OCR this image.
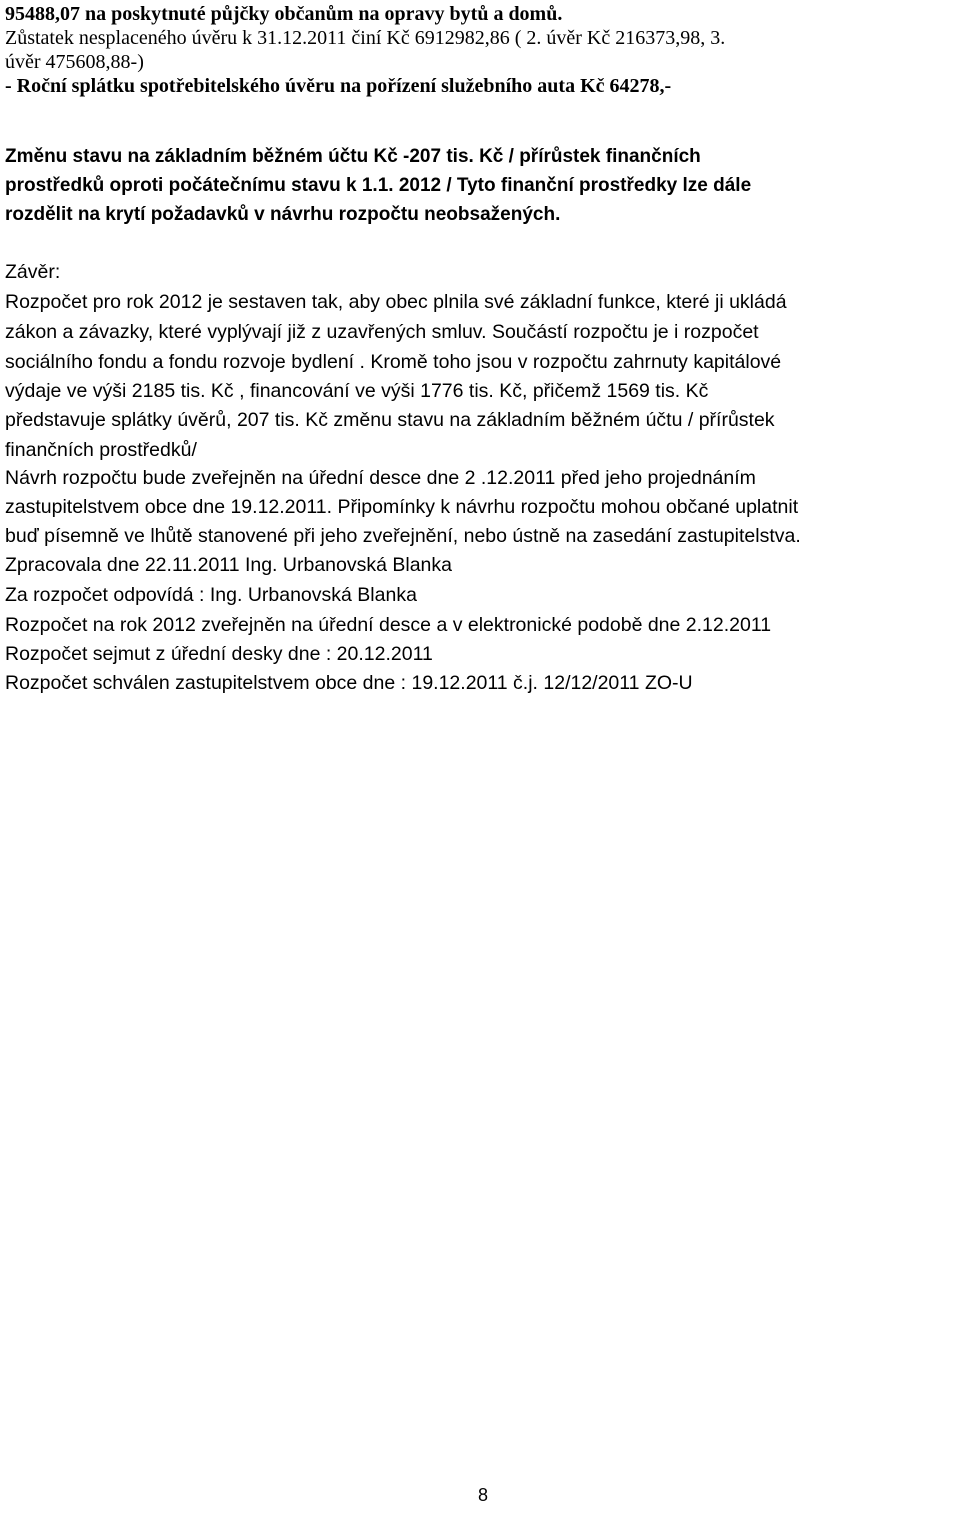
95488,07 na poskytnuté půjčky občanům na opravy bytů a domů.
Zůstatek nesplaceného úvěru k 31.12.2011 činí Kč 6912982,86 ( 2. úvěr Kč 216373,98, 3.
úvěr 475608,88-)
- Roční splátku spotřebitelského úvěru na pořízení služebního auta Kč 64278,-
Změnu stavu na základním běžném účtu Kč -207 tis. Kč / přírůstek finančních
prostředků oproti počátečnímu stavu k 1.1. 2012 / Tyto finanční prostředky lze dále
rozdělit na krytí požadavků v návrhu rozpočtu neobsažených.
Závěr:
Rozpočet pro rok 2012 je sestaven tak, aby obec plnila své základní funkce, které ji ukládá
zákon a závazky, které vyplývají již z uzavřených smluv. Součástí rozpočtu je i rozpočet
sociálního fondu a fondu rozvoje bydlení . Kromě toho jsou v rozpočtu zahrnuty kapitálové
výdaje ve výši 2185 tis. Kč , financování ve výši 1776 tis. Kč, přičemž 1569 tis. Kč
představuje splátky úvěrů, 207 tis. Kč změnu stavu na základním běžném účtu / přírůstek
finančních prostředků/
Návrh rozpočtu bude zveřejněn na úřední desce dne 2 .12.2011 před jeho projednáním
zastupitelstvem obce dne 19.12.2011. Připomínky k návrhu rozpočtu mohou občané uplatnit
buď písemně ve lhůtě stanovené při jeho zveřejnění, nebo ústně na zasedání zastupitelstva.
Zpracovala dne 22.11.2011 Ing. Urbanovská Blanka
Za rozpočet odpovídá : Ing. Urbanovská Blanka
Rozpočet na rok 2012 zveřejněn na úřední desce a v elektronické podobě dne 2.12.2011
Rozpočet sejmut z úřední desky dne : 20.12.2011
Rozpočet schválen zastupitelstvem obce dne : 19.12.2011 č.j. 12/12/2011 ZO-U
8
